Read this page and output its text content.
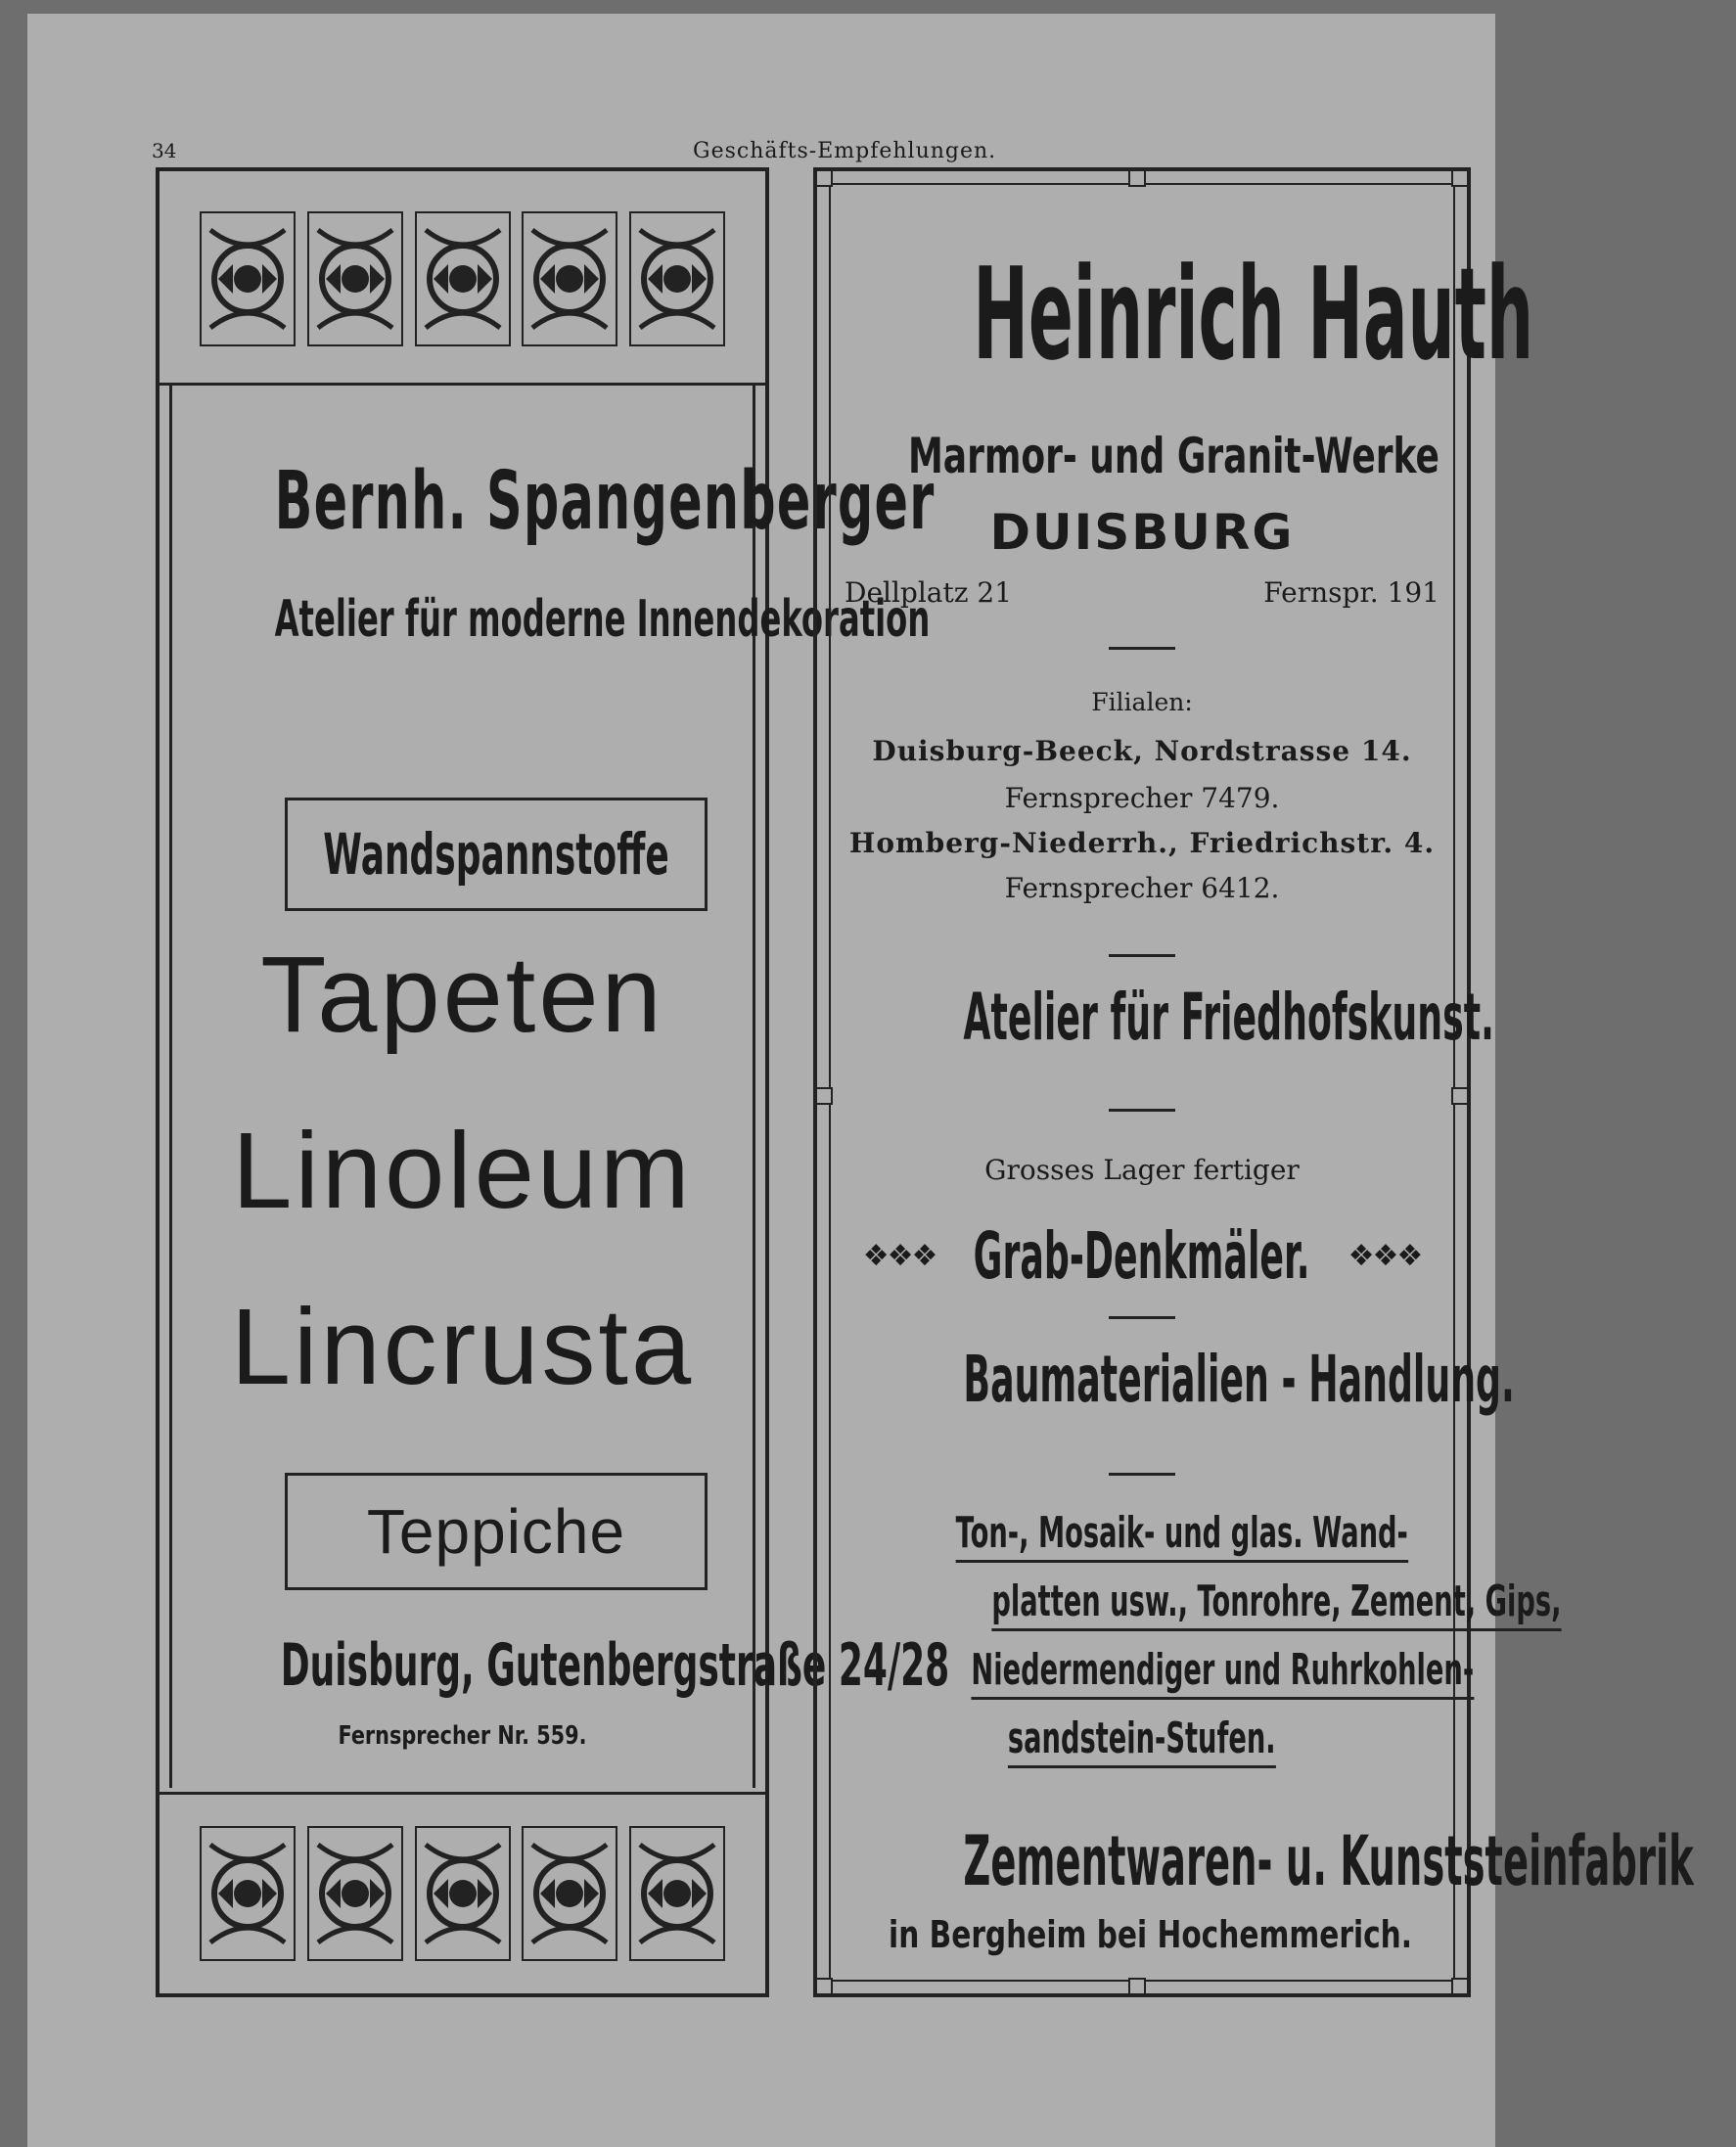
34	Geschäfts-Empfehlungen.
Bernh. Spangenberger
Atelier für moderne Innendekoration
Wandspannstoffe
Tapeten
Linoleum
Lincrusta
Teppiche
Duisburg, Gutenbergstraße 24/28
Fernsprecher Nr. 559.
Heinrich Hauth
Marmor- und Granit-Werke
DUISBURG
Dellplatz 21	Fernspr. 191
Filialen:
Duisburg-Beeck, Nordstrasse 14.
Fernsprecher 7479.
Homberg-Niederrh., Friedrichstr. 4.
Fernsprecher 6412.
Atelier für Friedhofskunst.
Grosses Lager fertiger
❖❖❖ Grab-Denkmäler. ❖❖❖
Baumaterialien - Handlung.
Ton-, Mosaik- und glas. Wand-
platten usw., Tonrohre, Zement, Gips,
Niedermendiger und Ruhrkohlen-
sandstein-Stufen.
Zementwaren- u. Kunststeinfabrik
in Bergheim bei Hochemmerich.
